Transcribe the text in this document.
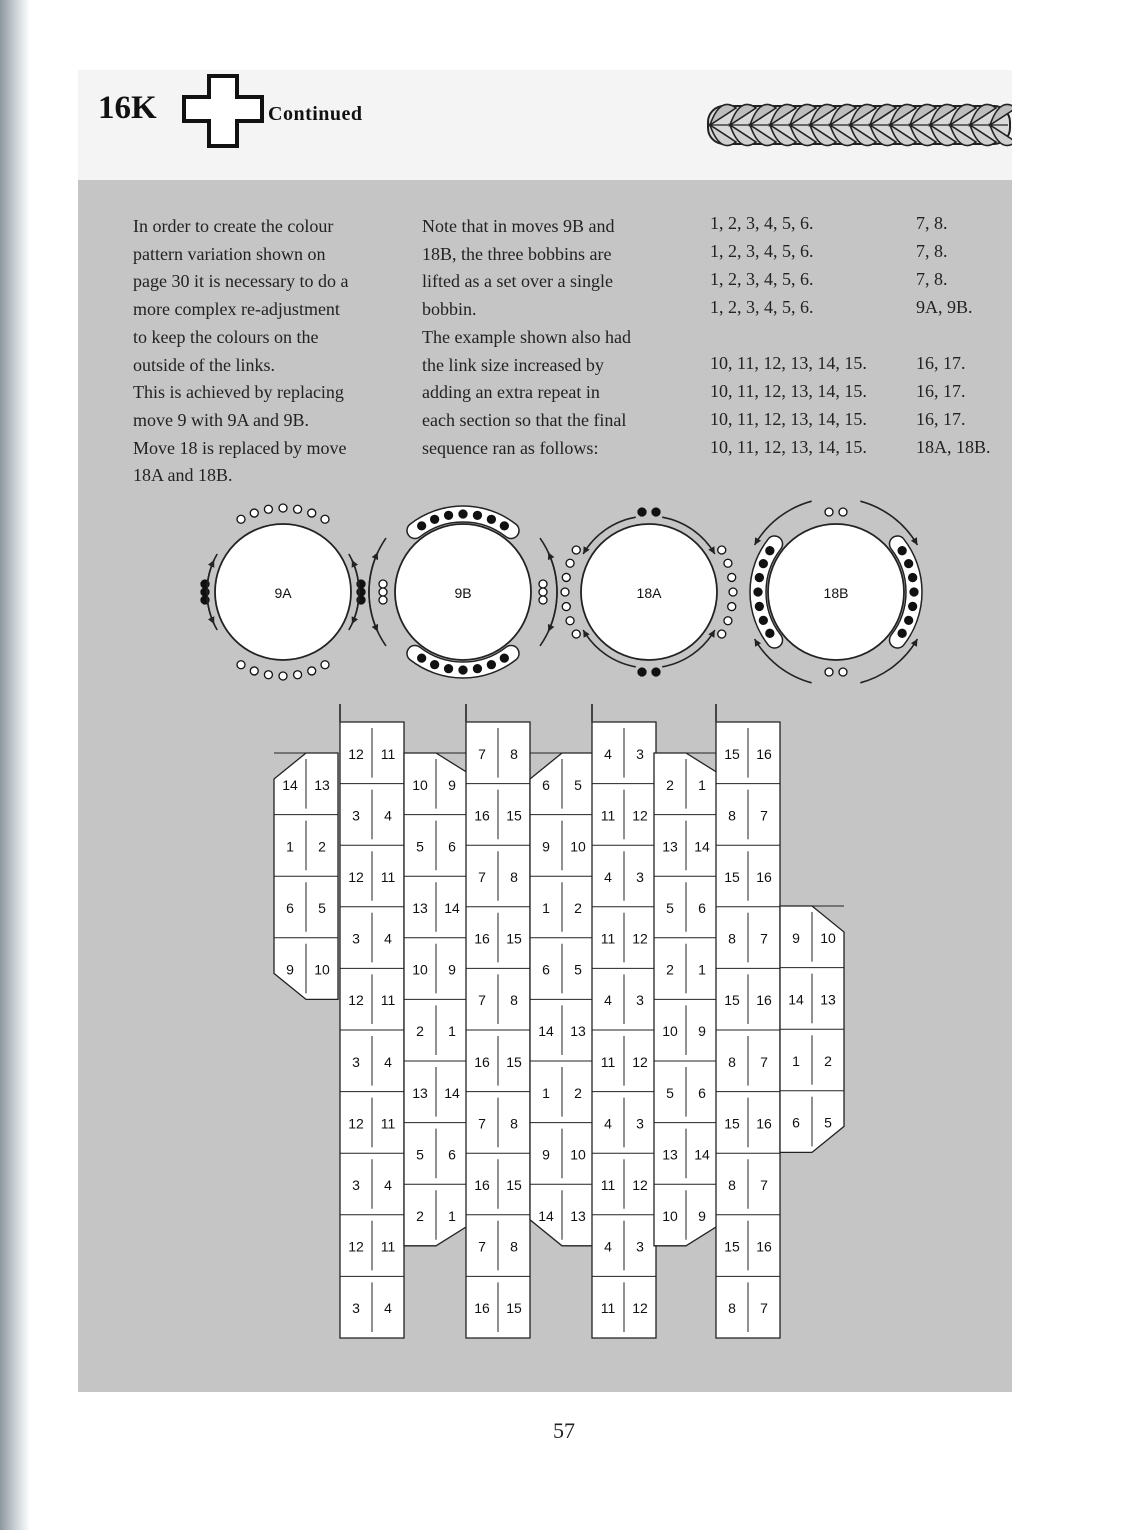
16K	Continued

In order to create the colour

pattern variation shown on

page 30 it is necessary to do a

more complex re-adjustment

to keep the colours on the

outside of the links.

This is achieved by replacing

move 9 with 9A and 9B.

Move 18 is replaced by move

18A and 18B.

Note that in moves 9B and

18B, the three bobbins are

lifted as a set over a single

bobbin.

The example shown also had

the link size increased by

adding an extra repeat in

each section so that the final

sequence ran as follows:

1, 2, 3, 4, 5, 6.	7, 8.
1, 2, 3, 4, 5, 6.	7, 8.
1, 2, 3, 4, 5, 6.	7, 8.
1, 2, 3, 4, 5, 6.	9A, 9B.
10, 11, 12, 13, 14, 15.	16, 17.
10, 11, 12, 13, 14, 15.	16, 17.
10, 11, 12, 13, 14, 15.	16, 17.
10, 11, 12, 13, 14, 15.	18A, 18B.
9A	9B	18A	18B
14 13
1 2
6 5
9 10
12 11
3 4
12 11
3 4
12 11
3 4
12 11
3 4
12 11
3 4
10 9
5 6
13 14
10 9
2 1
13 14
5 6
2 1
7 8
16 15
7 8
16 15
7 8
16 15
7 8
16 15
7 8
16 15
6 5
9 10
1 2
6 5
14 13
1 2
9 10
14 13
4 3
11 12
4 3
11 12
4 3
11 12
4 3
11 12
4 3
11 12
2 1
13 14
5 6
2 1
10 9
5 6
13 14
10 9
15 16
8 7
15 16
8 7
15 16
8 7
15 16
8 7
15 16
8 7
9 10
14 13
1 2
6 5
57
